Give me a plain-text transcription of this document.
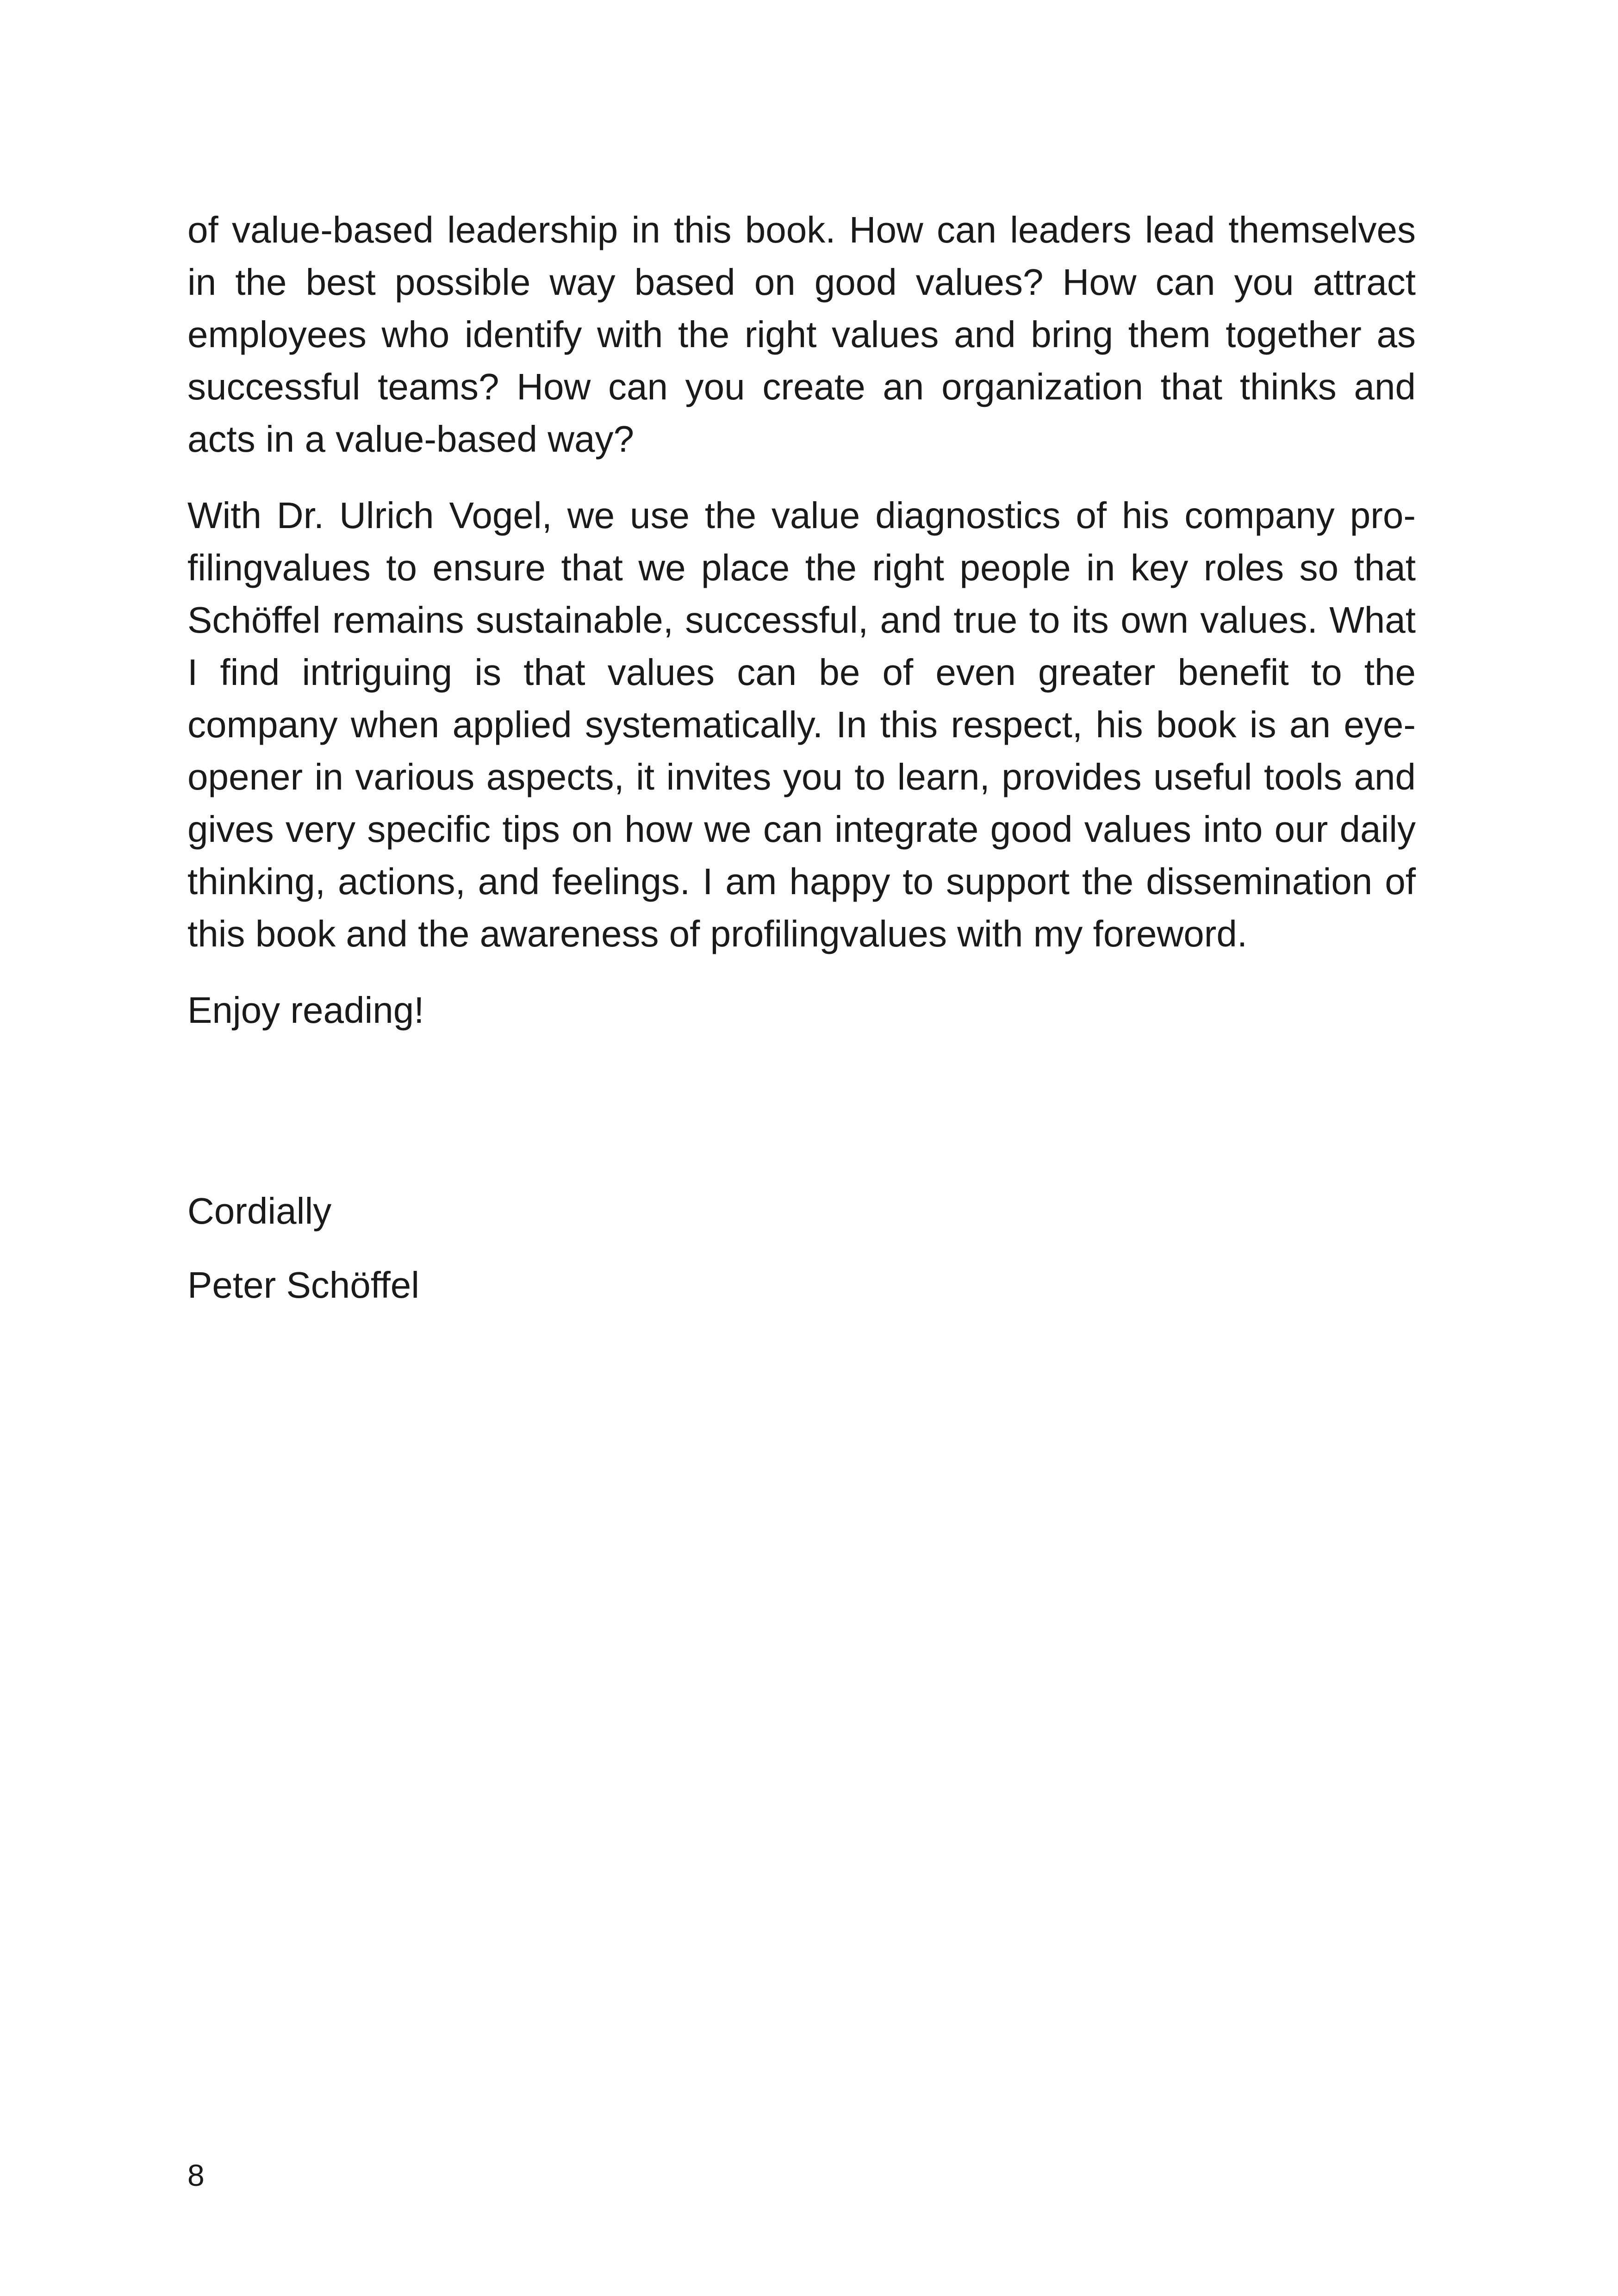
of value-based leadership in this book. How can leaders lead themselves in the best possible way based on good values? How can you attract employees who identify with the right values and bring them together as successful teams? How can you create an organization that thinks and acts in a value-based way?

With Dr. Ulrich Vogel, we use the value diagnostics of his company profilingvalues to ensure that we place the right people in key roles so that Schöffel remains sustainable, successful, and true to its own values. What I find intriguing is that values can be of even greater benefit to the company when applied systematically. In this respect, his book is an eye-opener in various aspects, it invites you to learn, provides useful tools and gives very specific tips on how we can integrate good values into our daily thinking, actions, and feelings. I am happy to support the dissemination of this book and the awareness of profilingvalues with my foreword.

Enjoy reading!

Cordially

Peter Schöffel

8
